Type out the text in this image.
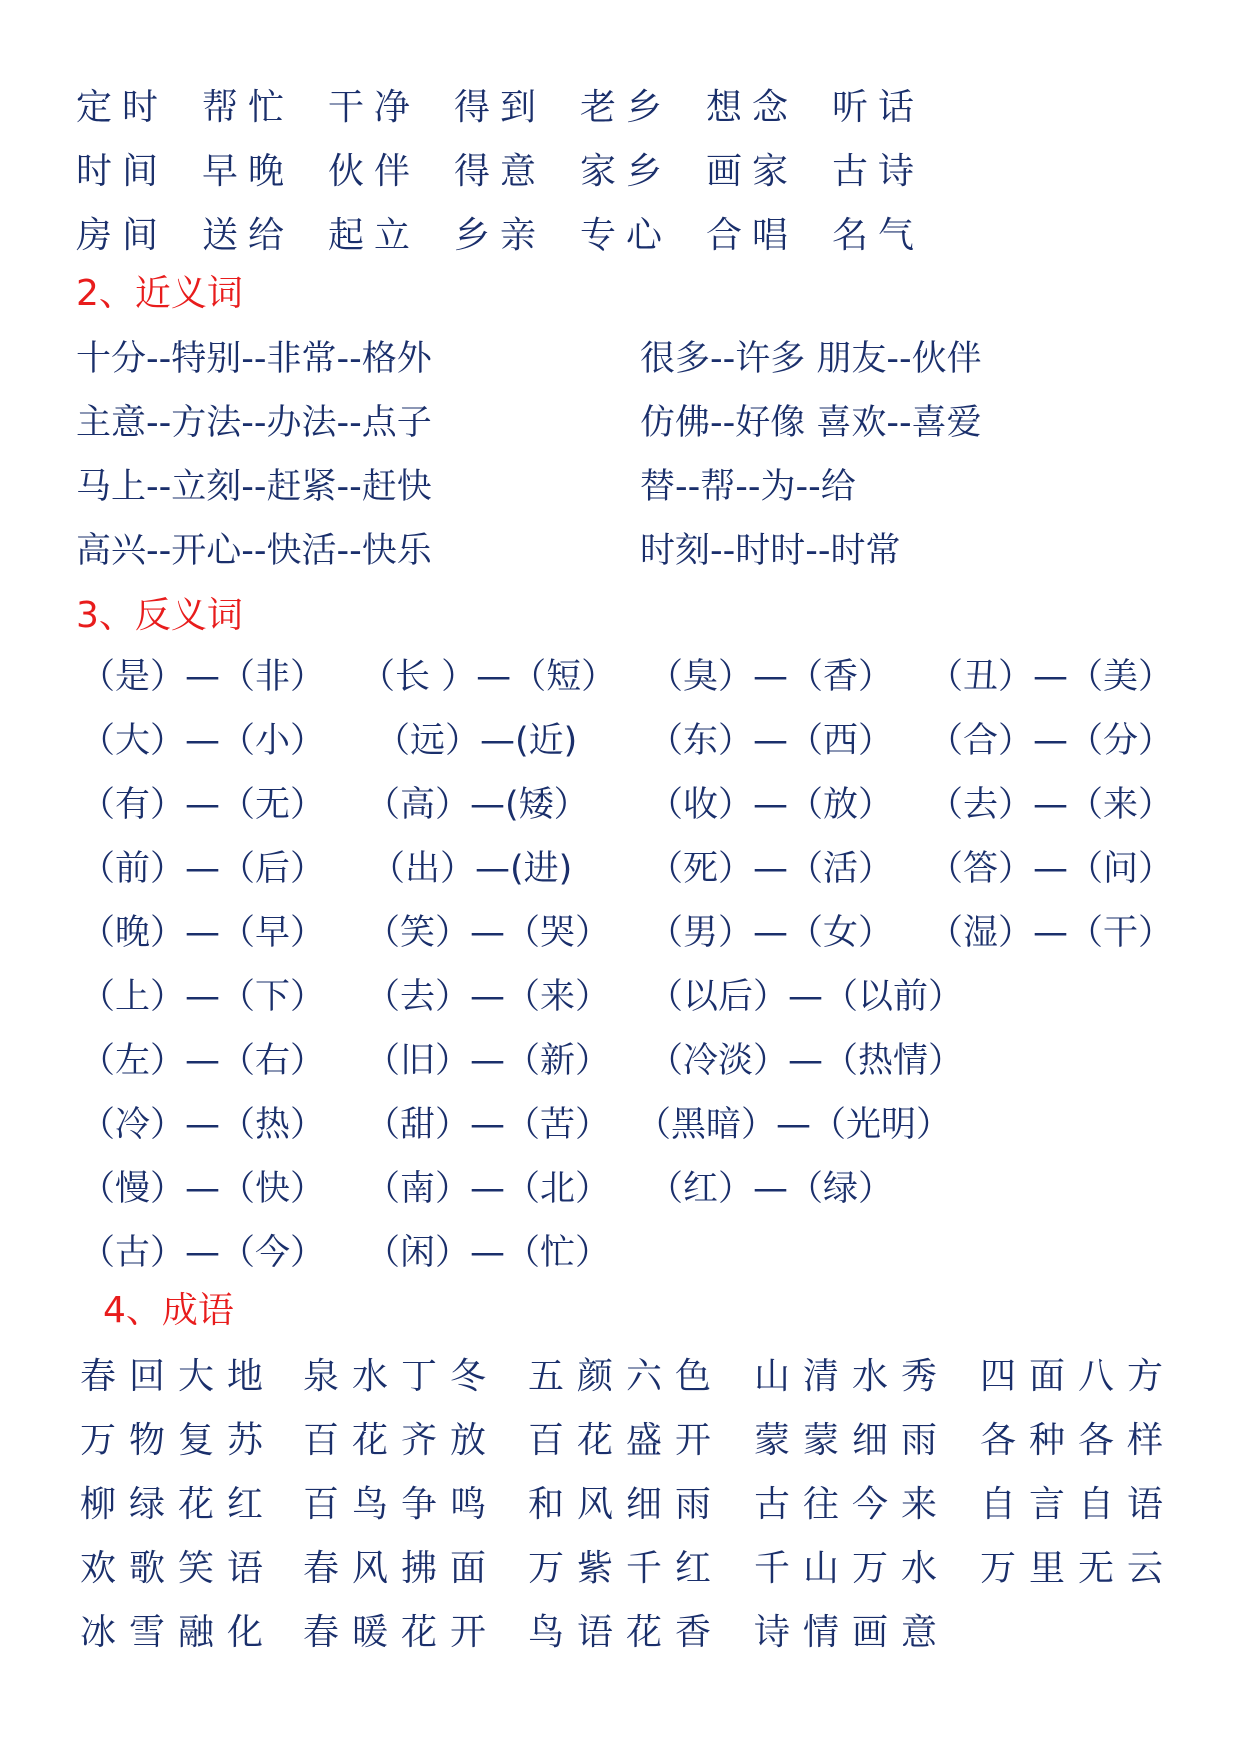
定时 帮忙 干净 得到 老乡 想念 听话
时间 早晚 伙伴 得意 家乡 画家 古诗
房间 送给 起立 乡亲 专心 合唱 名气
2、近义词
十分--特别--非常--格外	很多--许多 朋友--伙伴
主意--方法--办法--点子	仿佛--好像 喜欢--喜爱
马上--立刻--赶紧--赶快	替--帮--为--给
高兴--开心--快活--快乐	时刻--时时--时常
3、反义词
（是）—（非） （长 ）—（短） （臭）—（香） （丑）—（美）
（大）—（小） （远）—(近) （东）—（西） （合）—（分）
（有）—（无） （高）—(矮） （收）—（放） （去）—（来）
（前）—（后） （出）—(进) （死）—（活） （答）—（问）
（晚）—（早） （笑）—（哭） （男）—（女） （湿）—（干）
（上）—（下） （去）—（来） （以后）—（以前）
（左）—（右） （旧）—（新） （冷淡）—（热情）
（冷）—（热） （甜）—（苦） （黑暗）—（光明）
（慢）—（快） （南）—（北） （红）—（绿）
（古）—（今） （闲）—（忙）
4、成语
春回大地 泉水丁冬 五颜六色 山清水秀 四面八方
万物复苏 百花齐放 百花盛开 蒙蒙细雨 各种各样
柳绿花红 百鸟争鸣 和风细雨 古往今来 自言自语
欢歌笑语 春风拂面 万紫千红 千山万水 万里无云
冰雪融化 春暖花开 鸟语花香 诗情画意
